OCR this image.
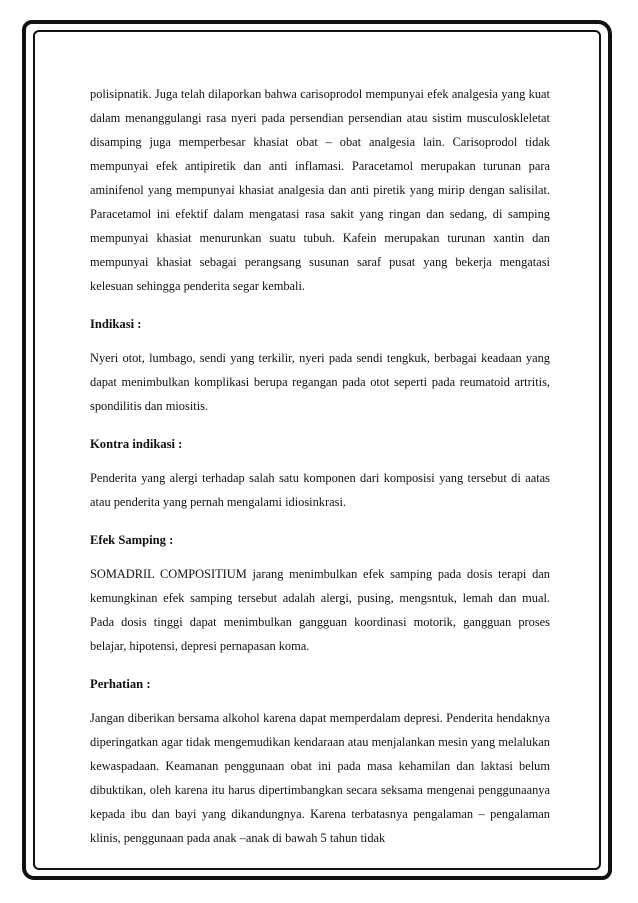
polisipnatik. Juga telah dilaporkan bahwa carisoprodol mempunyai efek analgesia yang kuat dalam menanggulangi rasa nyeri pada persendian persendian atau sistim musculoskleletat disamping juga memperbesar khasiat obat – obat analgesia lain. Carisoprodol tidak mempunyai efek antipiretik dan anti inflamasi. Paracetamol merupakan turunan para aminifenol yang mempunyai khasiat analgesia dan anti piretik yang mirip dengan salisilat. Paracetamol ini efektif dalam mengatasi rasa sakit yang ringan dan sedang, di samping mempunyai khasiat menurunkan suatu tubuh. Kafein merupakan turunan xantin dan mempunyai khasiat sebagai perangsang susunan saraf pusat yang bekerja mengatasi kelesuan sehingga penderita segar kembali.

Indikasi :

Nyeri otot, lumbago, sendi yang terkilir, nyeri pada sendi tengkuk, berbagai keadaan yang dapat menimbulkan komplikasi berupa regangan pada otot seperti pada reumatoid artritis, spondilitis dan miositis.

Kontra indikasi :

Penderita yang alergi terhadap salah satu komponen dari komposisi yang tersebut di aatas atau penderita yang pernah mengalami idiosinkrasi.

Efek Samping :

SOMADRIL COMPOSITIUM jarang menimbulkan efek samping pada dosis terapi dan kemungkinan efek samping tersebut adalah alergi, pusing, mengsntuk, lemah dan mual. Pada dosis tinggi dapat menimbulkan gangguan koordinasi motorik, gangguan proses belajar, hipotensi, depresi pernapasan koma.

Perhatian :

Jangan diberikan bersama alkohol karena dapat memperdalam depresi. Penderita hendaknya diperingatkan agar tidak mengemudikan kendaraan atau menjalankan mesin yang melalukan kewaspadaan. Keamanan penggunaan obat ini pada masa kehamilan dan laktasi belum dibuktikan, oleh karena itu harus dipertimbangkan secara seksama mengenai penggunaanya kepada ibu dan bayi yang dikandungnya. Karena terbatasnya pengalaman – pengalaman klinis, penggunaan pada anak –anak di bawah 5 tahun tidak
